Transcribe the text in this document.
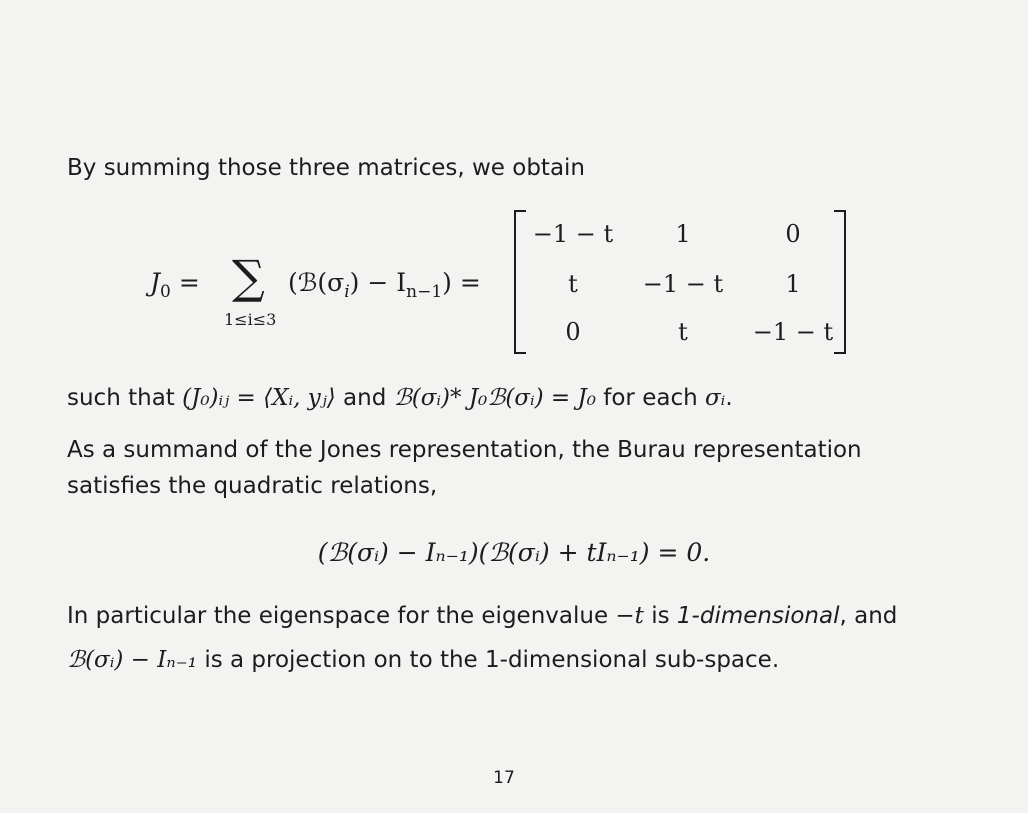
By summing those three matrices, we obtain
$J_0$ = ∑
1≤i≤3
$(ℬ(\sigma_i) - I_{n-1})$ =
−1 − t	1	0
t	−1 − t	1
0	t	−1 − t
such that (J₀)ᵢⱼ = ⟨Xᵢ, yⱼ⟩ and ℬ(σᵢ)* J₀ℬ(σᵢ) = J₀ for each σᵢ.
As a summand of the Jones representation, the Burau representation
satisfies the quadratic relations,
(ℬ(σᵢ) − Iₙ₋₁)(ℬ(σᵢ) + tIₙ₋₁) = 0.
In particular the eigenspace for the eigenvalue −t is 1-dimensional, and
ℬ(σᵢ) − Iₙ₋₁ is a projection on to the 1-dimensional sub-space.
17
